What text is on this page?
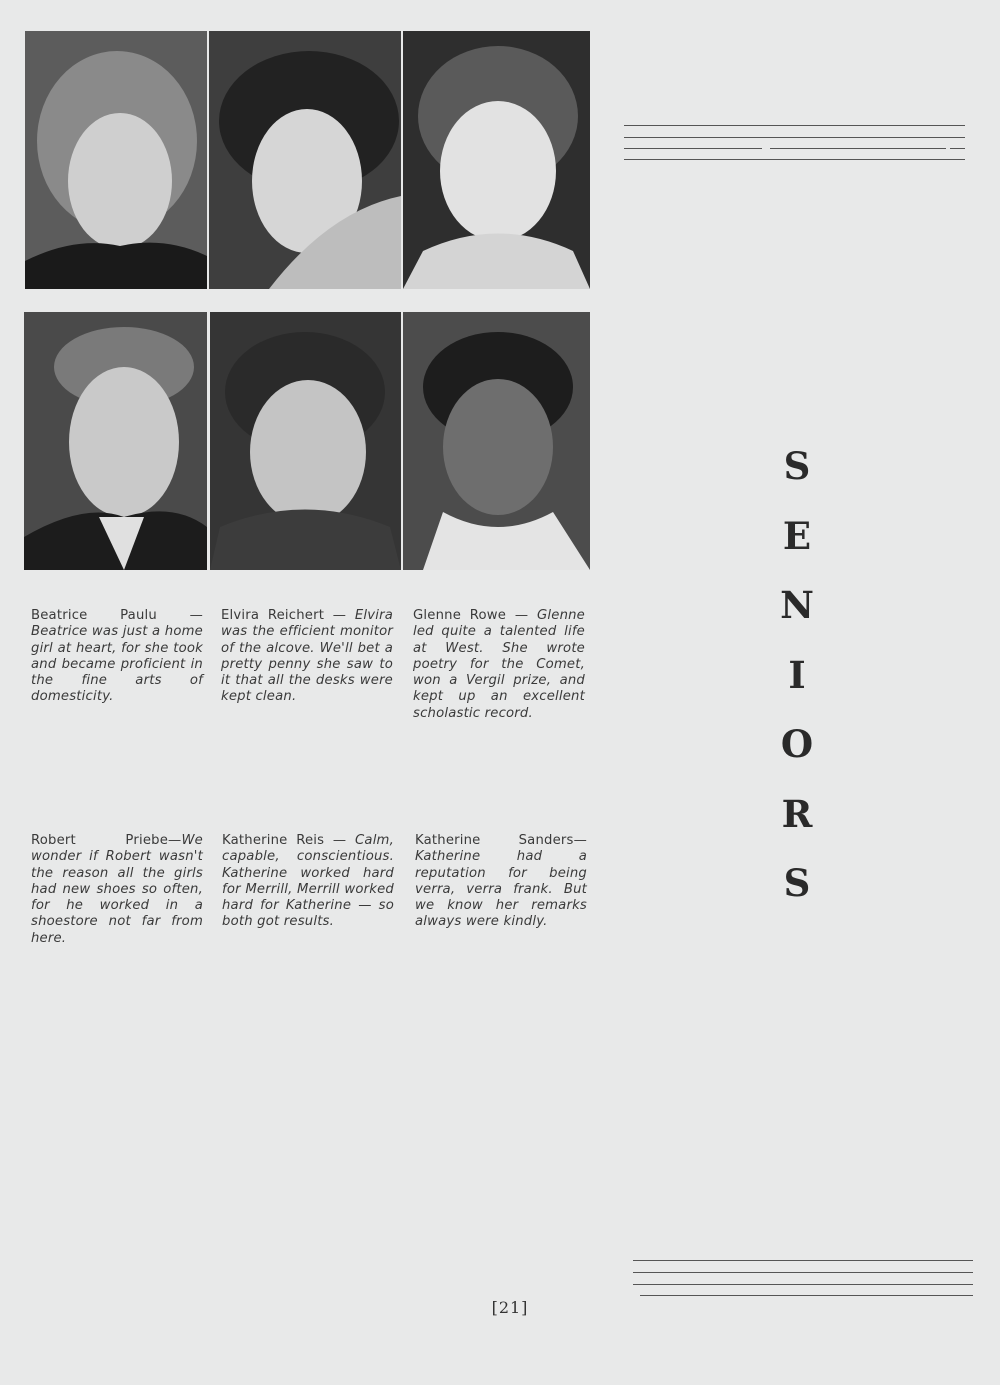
Beatrice Paulu — Beatrice was just a home girl at heart, for she took and became proficient in the fine arts of domesticity.
Elvira Reichert — Elvira was the efficient monitor of the alcove. We'll bet a pretty penny she saw to it that all the desks were kept clean.
Glenne Rowe — Glenne led quite a talented life at West. She wrote poetry for the Comet, won a Vergil prize, and kept up an excellent scholastic record.
Robert Priebe—We wonder if Robert wasn't the reason all the girls had new shoes so often, for he worked in a shoestore not far from here.
Katherine Reis — Calm, capable, conscientious. Katherine worked hard for Merrill, Merrill worked hard for Katherine — so both got results.
Katherine Sanders—Katherine had a reputation for being verra, verra frank. But we know her remarks always were kindly.
S
E
N
I
O
R
S
[21]
